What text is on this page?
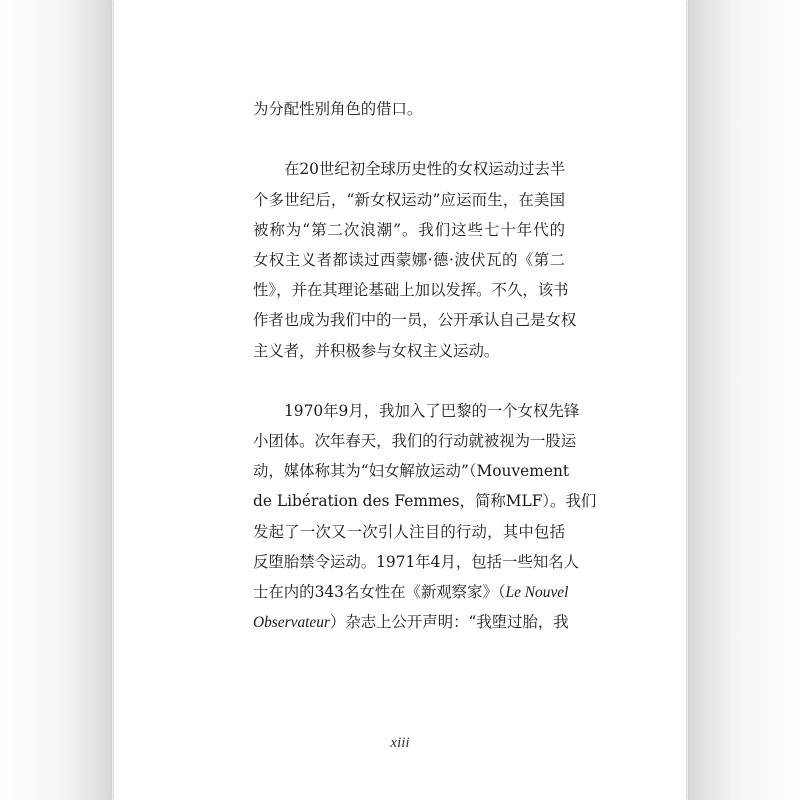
为分配性别角色的借口。
在20世纪初全球历史性的女权运动过去半
个多世纪后，“新女权运动”应运而生，在美国
被称为“第二次浪潮”。我们这些七十年代的
女权主义者都读过西蒙娜·德·波伏瓦的《第二
性》，并在其理论基础上加以发挥。不久，该书
作者也成为我们中的一员，公开承认自己是女权
主义者，并积极参与女权主义运动。
1970年9月，我加入了巴黎的一个女权先锋
小团体。次年春天，我们的行动就被视为一股运
动，媒体称其为“妇女解放运动”（Mouvement
de Libération des Femmes，简称MLF）。我们
发起了一次又一次引人注目的行动，其中包括
反堕胎禁令运动。1971年4月，包括一些知名人
士在内的343名女性在《新观察家》（Le Nouvel
Observateur）杂志上公开声明：“我堕过胎，我
xiii
